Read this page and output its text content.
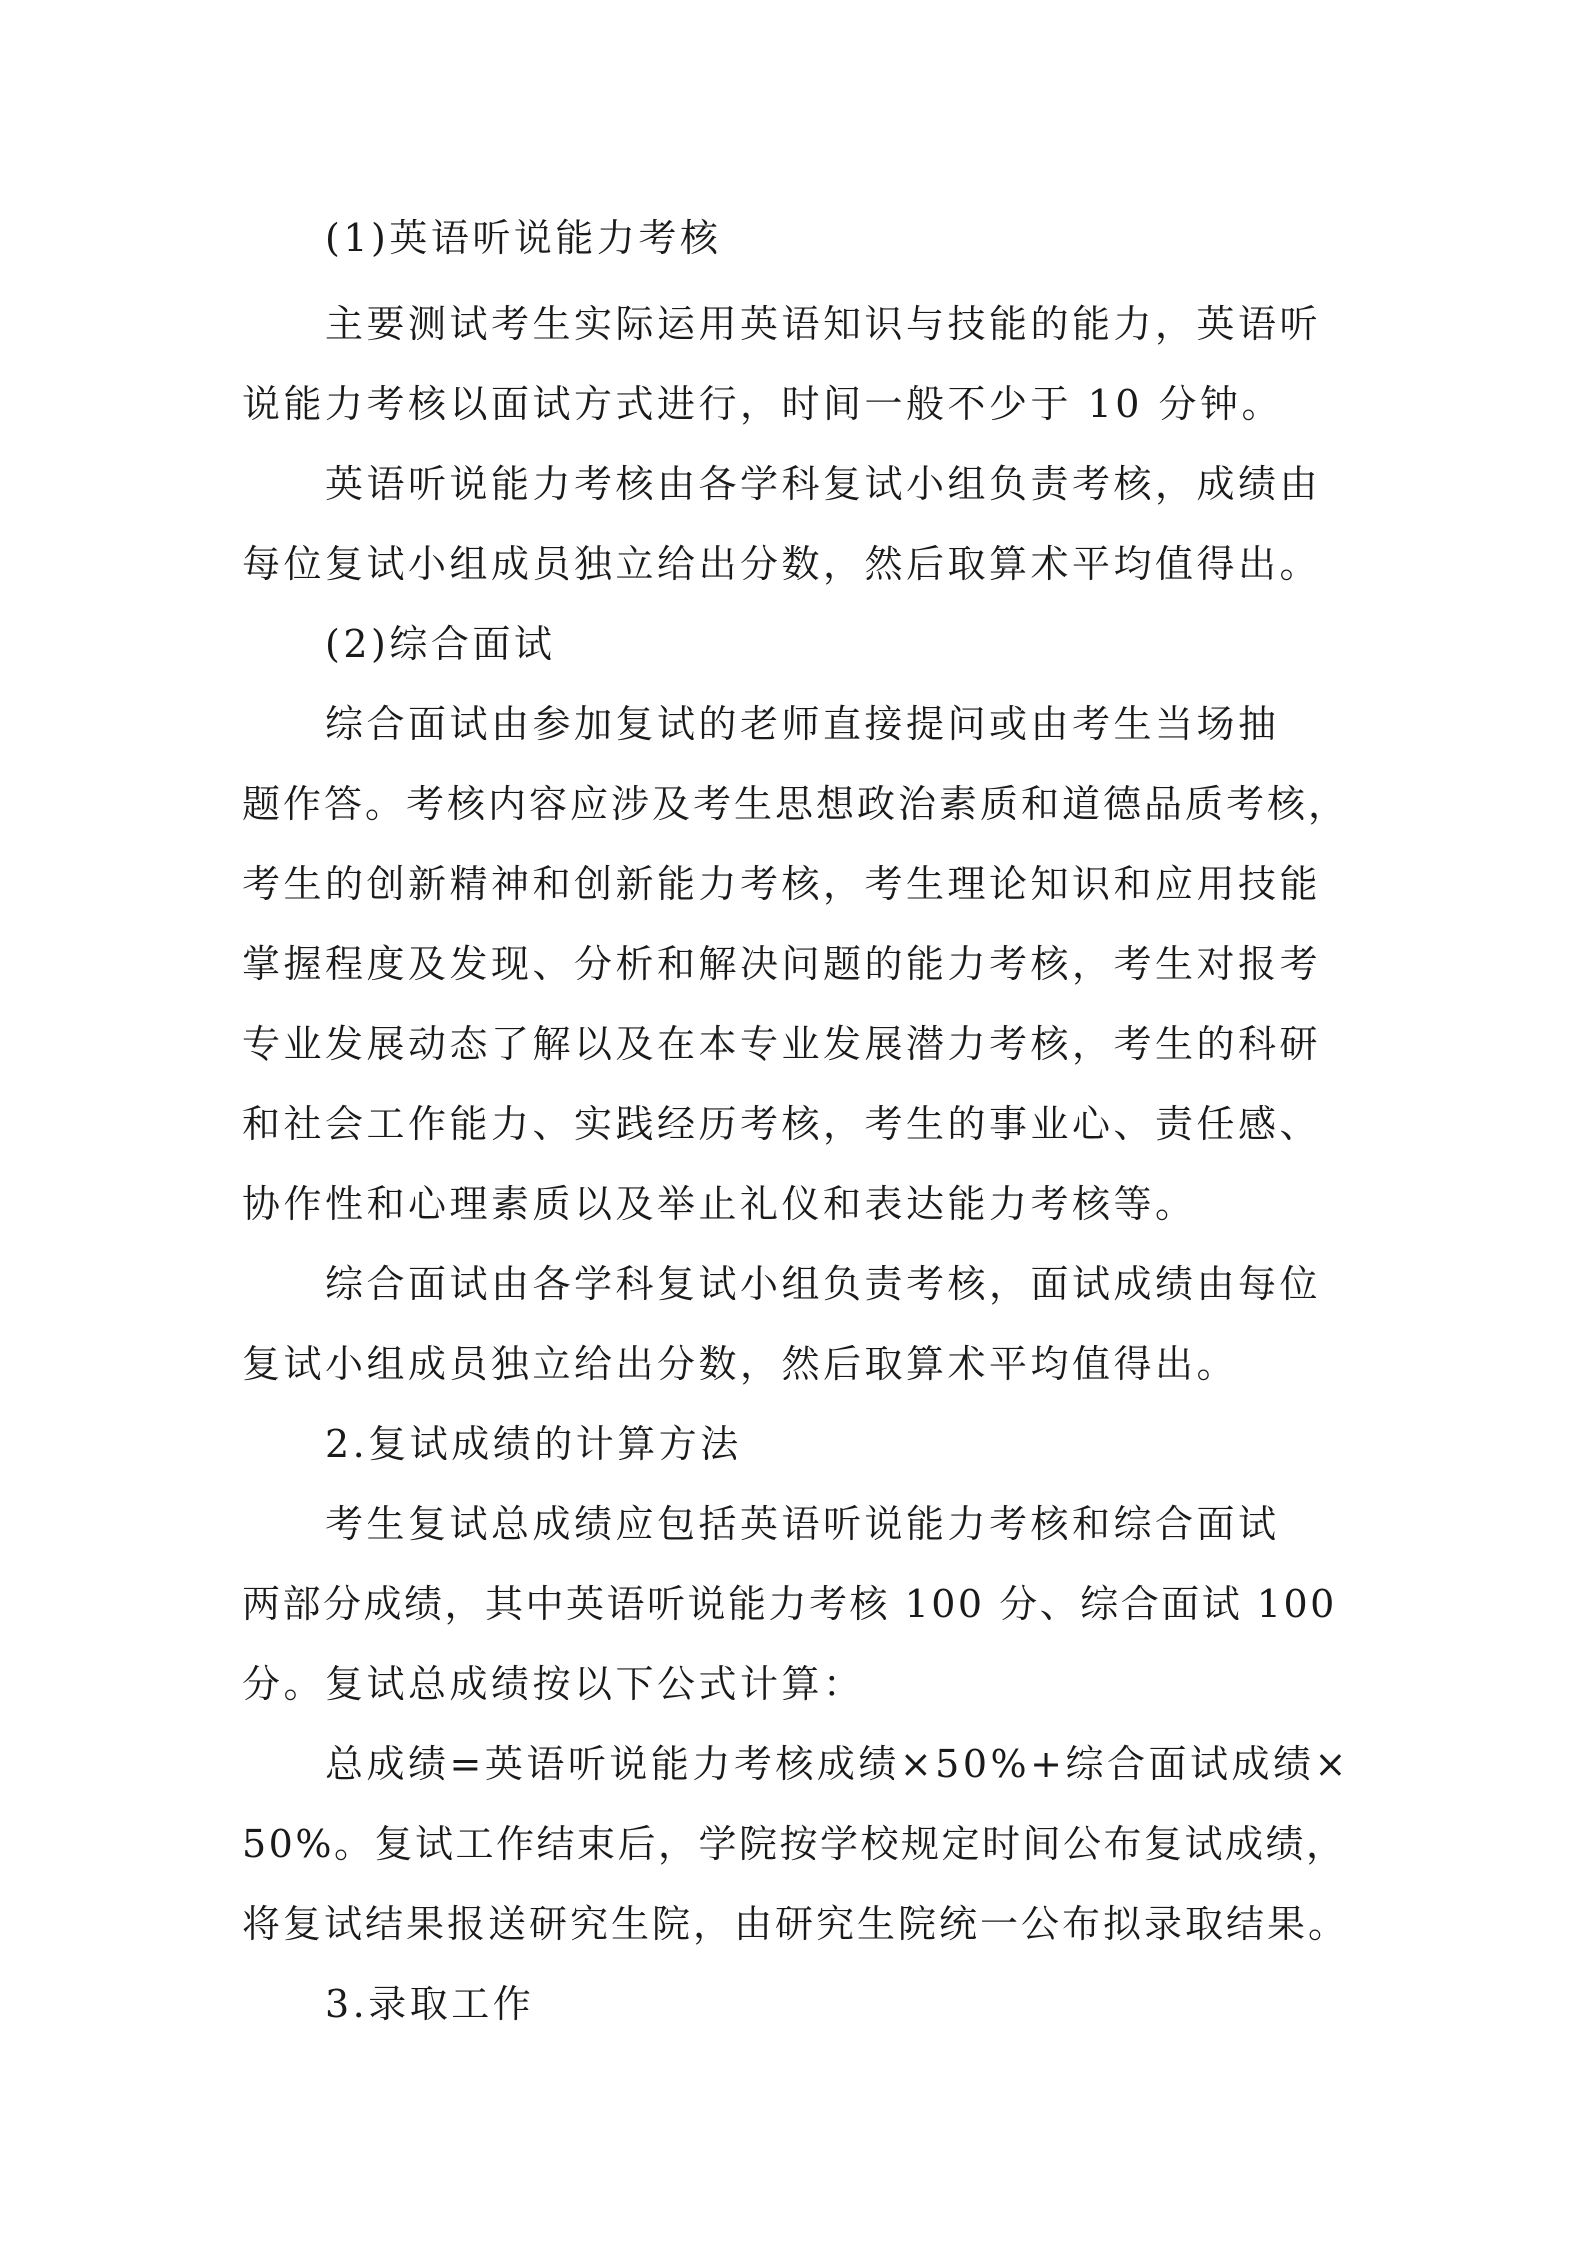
(1)英语听说能力考核
主要测试考生实际运用英语知识与技能的能力，英语听
说能力考核以面试方式进行，时间一般不少于 10 分钟。
英语听说能力考核由各学科复试小组负责考核，成绩由
每位复试小组成员独立给出分数，然后取算术平均值得出。
(2)综合面试
综合面试由参加复试的老师直接提问或由考生当场抽
题作答。考核内容应涉及考生思想政治素质和道德品质考核，
考生的创新精神和创新能力考核，考生理论知识和应用技能
掌握程度及发现、分析和解决问题的能力考核，考生对报考
专业发展动态了解以及在本专业发展潜力考核，考生的科研
和社会工作能力、实践经历考核，考生的事业心、责任感、
协作性和心理素质以及举止礼仪和表达能力考核等。
综合面试由各学科复试小组负责考核，面试成绩由每位
复试小组成员独立给出分数，然后取算术平均值得出。
2.复试成绩的计算方法
考生复试总成绩应包括英语听说能力考核和综合面试
两部分成绩，其中英语听说能力考核 100 分、综合面试 100
分。复试总成绩按以下公式计算：
总成绩=英语听说能力考核成绩×50%+综合面试成绩×
50%。复试工作结束后，学院按学校规定时间公布复试成绩，
将复试结果报送研究生院，由研究生院统一公布拟录取结果。
3.录取工作
